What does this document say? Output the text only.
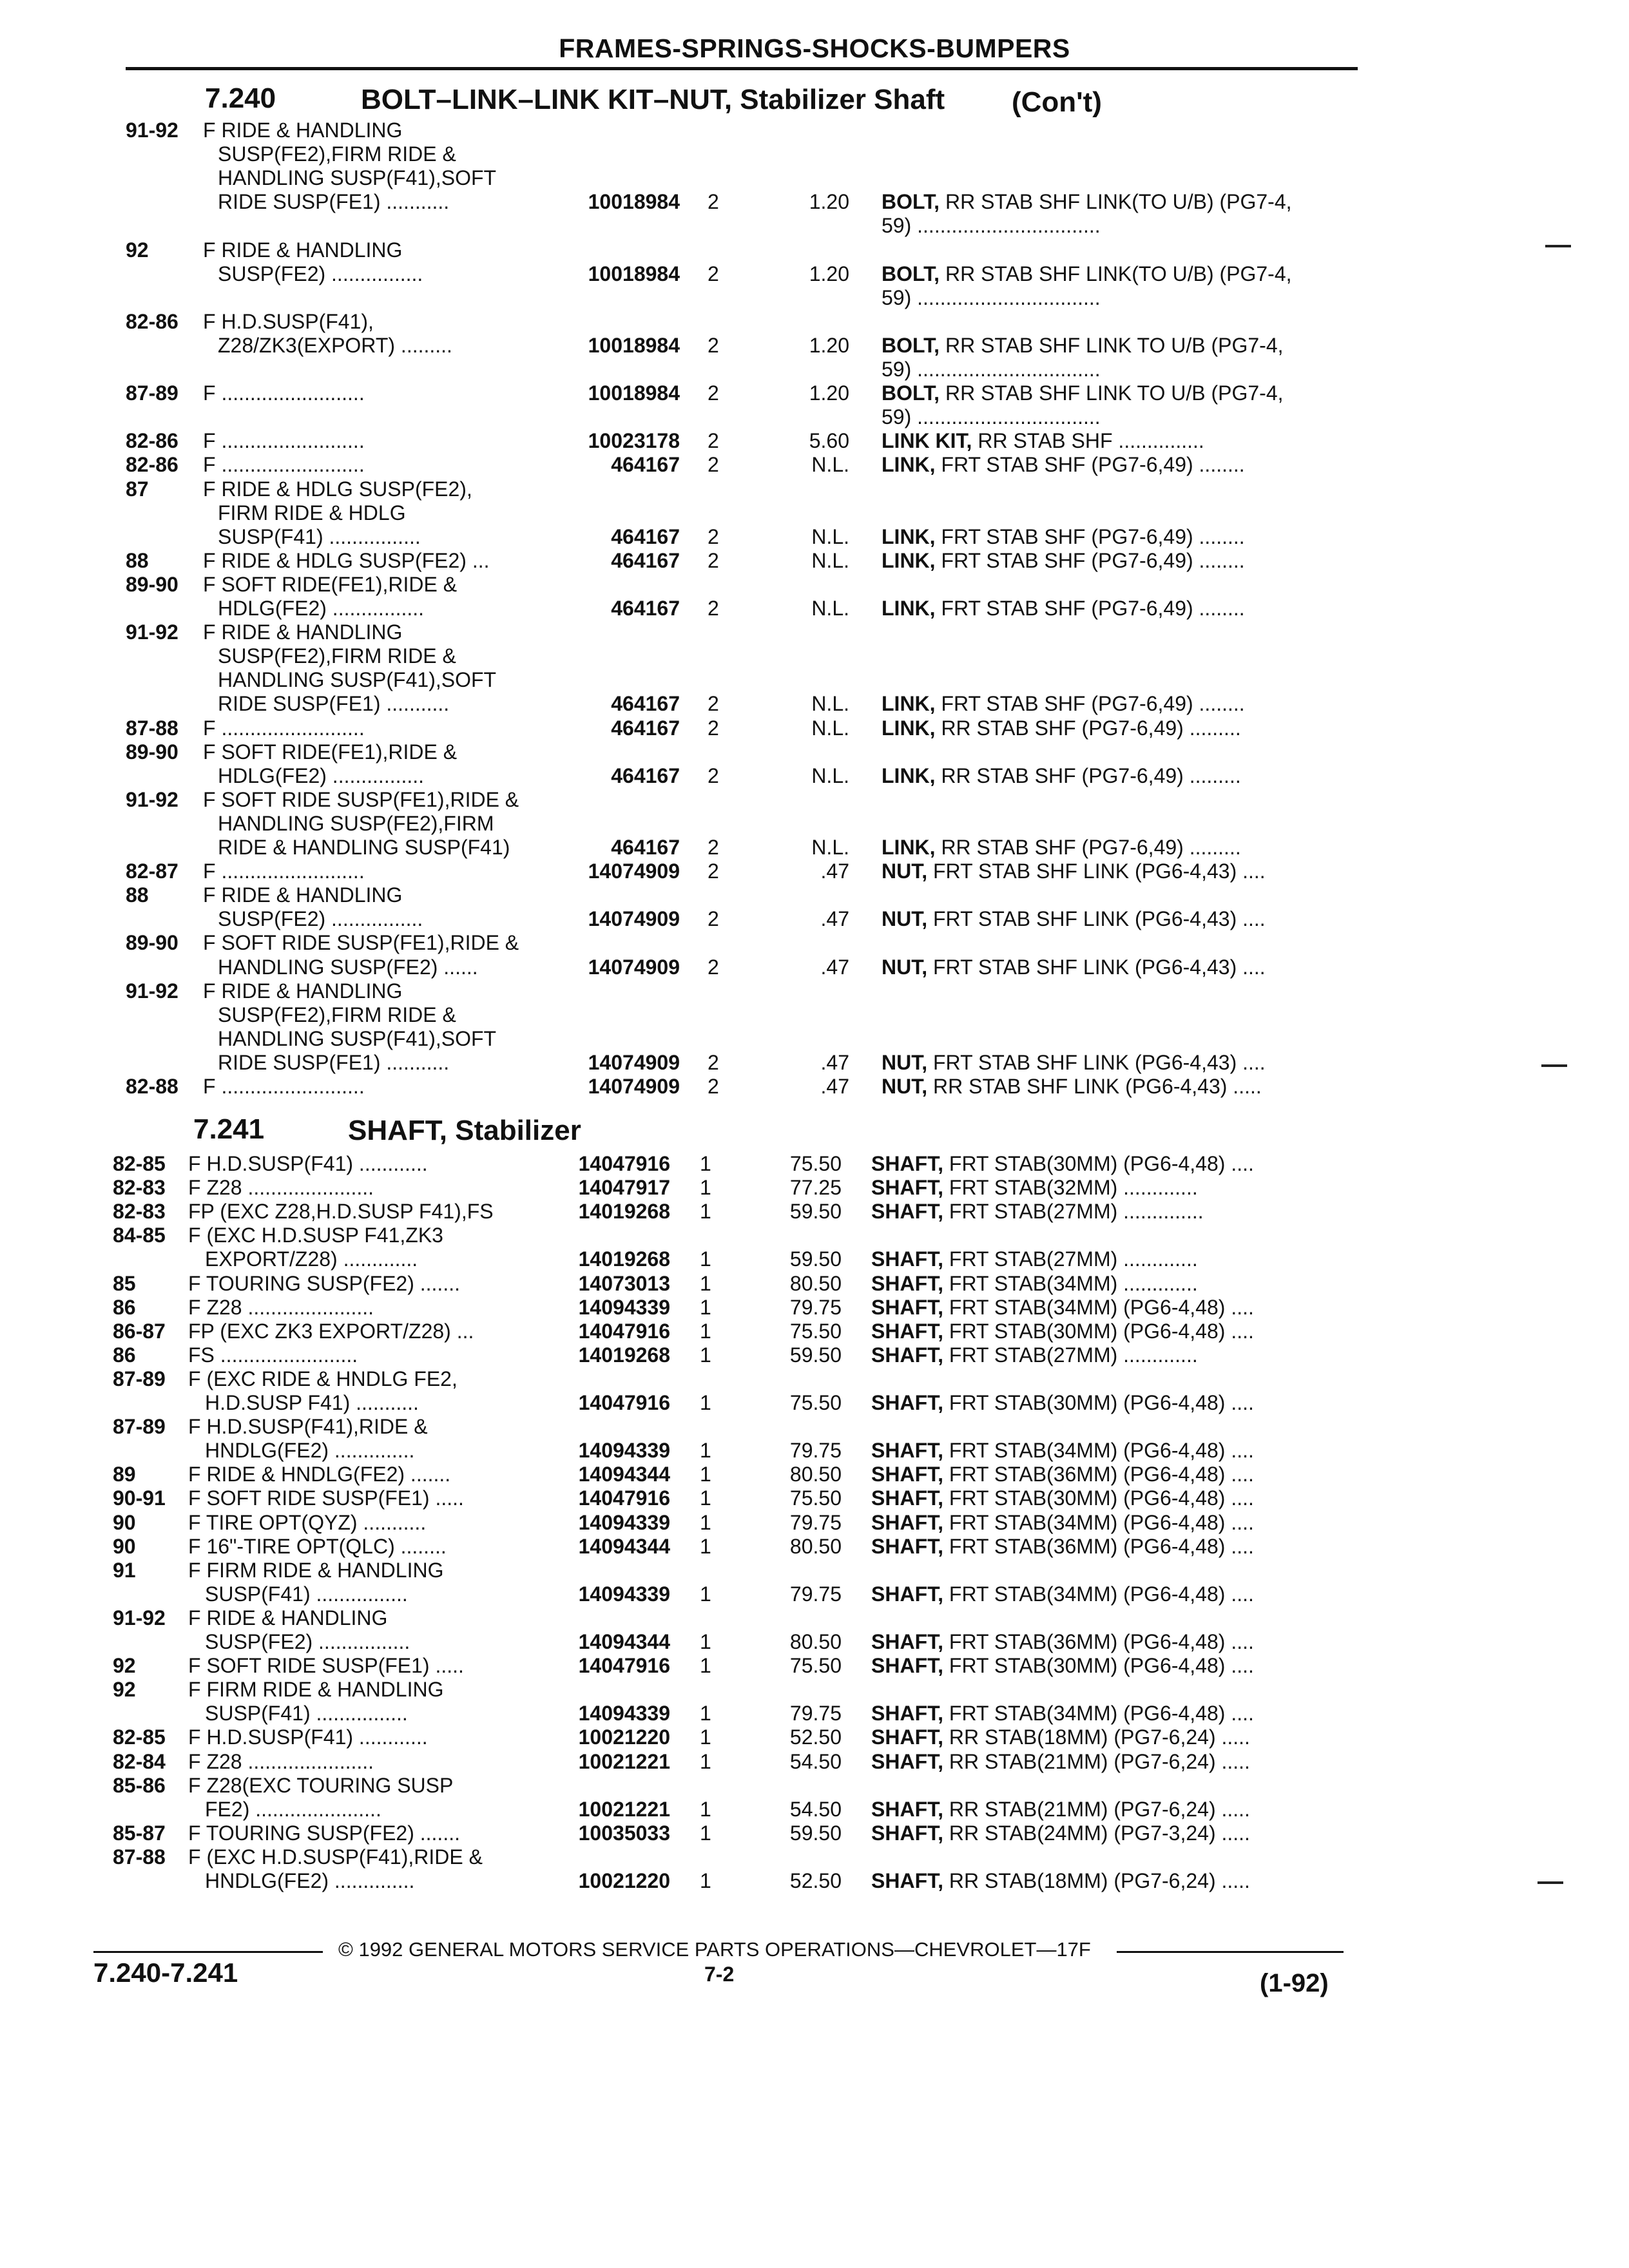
FRAMES-SPRINGS-SHOCKS-BUMPERS
7.240	BOLT–LINK–LINK KIT–NUT, Stabilizer Shaft (Con't)
91-92 F RIDE & HANDLING
SUSP(FE2),FIRM RIDE &
HANDLING SUSP(F41),SOFT
RIDE SUSP(FE1) ...........	10018984 2	1.20 BOLT, RR STAB SHF LINK(TO U/B) (PG7-4,
59) ................................
92	F RIDE & HANDLING
SUSP(FE2) ................	10018984 2	1.20 BOLT, RR STAB SHF LINK(TO U/B) (PG7-4,
59) ................................
82-86 F H.D.SUSP(F41),
Z28/ZK3(EXPORT) .........	10018984 2	1.20 BOLT, RR STAB SHF LINK TO U/B (PG7-4,
59) ................................
87-89 F .........................	10018984 2	1.20 BOLT, RR STAB SHF LINK TO U/B (PG7-4,
59) ................................
82-86 F .........................	10023178 2	5.60 LINK KIT, RR STAB SHF ...............
82-86 F .........................	464167 2	N.L. LINK, FRT STAB SHF (PG7-6,49) ........
87	F RIDE & HDLG SUSP(FE2),
FIRM RIDE & HDLG
SUSP(F41) ................	464167 2	N.L. LINK, FRT STAB SHF (PG7-6,49) ........
88	F RIDE & HDLG SUSP(FE2) ...	464167 2	N.L. LINK, FRT STAB SHF (PG7-6,49) ........
89-90 F SOFT RIDE(FE1),RIDE &
HDLG(FE2) ................	464167 2	N.L. LINK, FRT STAB SHF (PG7-6,49) ........
91-92 F RIDE & HANDLING
SUSP(FE2),FIRM RIDE &
HANDLING SUSP(F41),SOFT
RIDE SUSP(FE1) ...........	464167 2	N.L. LINK, FRT STAB SHF (PG7-6,49) ........
87-88 F .........................	464167 2	N.L. LINK, RR STAB SHF (PG7-6,49) .........
89-90 F SOFT RIDE(FE1),RIDE &
HDLG(FE2) ................	464167 2	N.L. LINK, RR STAB SHF (PG7-6,49) .........
91-92 F SOFT RIDE SUSP(FE1),RIDE &
HANDLING SUSP(FE2),FIRM
RIDE & HANDLING SUSP(F41)	464167 2	N.L. LINK, RR STAB SHF (PG7-6,49) .........
82-87 F .........................	14074909 2	.47 NUT, FRT STAB SHF LINK (PG6-4,43) ....
88	F RIDE & HANDLING
SUSP(FE2) ................	14074909 2	.47 NUT, FRT STAB SHF LINK (PG6-4,43) ....
89-90 F SOFT RIDE SUSP(FE1),RIDE &
HANDLING SUSP(FE2) ......	14074909 2	.47 NUT, FRT STAB SHF LINK (PG6-4,43) ....
91-92 F RIDE & HANDLING
SUSP(FE2),FIRM RIDE &
HANDLING SUSP(F41),SOFT
RIDE SUSP(FE1) ...........	14074909 2	.47 NUT, FRT STAB SHF LINK (PG6-4,43) ....
82-88 F .........................	14074909 2	.47 NUT, RR STAB SHF LINK (PG6-4,43) .....
7.241	SHAFT, Stabilizer
82-85 F H.D.SUSP(F41) ............	14047916 1	75.50 SHAFT, FRT STAB(30MM) (PG6-4,48) ....
82-83 F Z28 ......................	14047917 1	77.25 SHAFT, FRT STAB(32MM) .............
82-83 FP (EXC Z28,H.D.SUSP F41),FS	14019268 1	59.50 SHAFT, FRT STAB(27MM) ..............
84-85 F (EXC H.D.SUSP F41,ZK3
EXPORT/Z28) .............	14019268 1	59.50 SHAFT, FRT STAB(27MM) .............
85	F TOURING SUSP(FE2) .......	14073013 1	80.50 SHAFT, FRT STAB(34MM) .............
86	F Z28 ......................	14094339 1	79.75 SHAFT, FRT STAB(34MM) (PG6-4,48) ....
86-87 FP (EXC ZK3 EXPORT/Z28) ...	14047916 1	75.50 SHAFT, FRT STAB(30MM) (PG6-4,48) ....
86	FS ........................	14019268 1	59.50 SHAFT, FRT STAB(27MM) .............
87-89 F (EXC RIDE & HNDLG FE2,
H.D.SUSP F41) ...........	14047916 1	75.50 SHAFT, FRT STAB(30MM) (PG6-4,48) ....
87-89 F H.D.SUSP(F41),RIDE &
HNDLG(FE2) ..............	14094339 1	79.75 SHAFT, FRT STAB(34MM) (PG6-4,48) ....
89	F RIDE & HNDLG(FE2) .......	14094344 1	80.50 SHAFT, FRT STAB(36MM) (PG6-4,48) ....
90-91 F SOFT RIDE SUSP(FE1) .....	14047916 1	75.50 SHAFT, FRT STAB(30MM) (PG6-4,48) ....
90	F TIRE OPT(QYZ) ...........	14094339 1	79.75 SHAFT, FRT STAB(34MM) (PG6-4,48) ....
90	F 16"-TIRE OPT(QLC) ........	14094344 1	80.50 SHAFT, FRT STAB(36MM) (PG6-4,48) ....
91	F FIRM RIDE & HANDLING
SUSP(F41) ................	14094339 1	79.75 SHAFT, FRT STAB(34MM) (PG6-4,48) ....
91-92 F RIDE & HANDLING
SUSP(FE2) ................	14094344 1	80.50 SHAFT, FRT STAB(36MM) (PG6-4,48) ....
92	F SOFT RIDE SUSP(FE1) .....	14047916 1	75.50 SHAFT, FRT STAB(30MM) (PG6-4,48) ....
92	F FIRM RIDE & HANDLING
SUSP(F41) ................	14094339 1	79.75 SHAFT, FRT STAB(34MM) (PG6-4,48) ....
82-85 F H.D.SUSP(F41) ............	10021220 1	52.50 SHAFT, RR STAB(18MM) (PG7-6,24) .....
82-84 F Z28 ......................	10021221 1	54.50 SHAFT, RR STAB(21MM) (PG7-6,24) .....
85-86 F Z28(EXC TOURING SUSP
FE2) ......................	10021221 1	54.50 SHAFT, RR STAB(21MM) (PG7-6,24) .....
85-87 F TOURING SUSP(FE2) .......	10035033 1	59.50 SHAFT, RR STAB(24MM) (PG7-3,24) .....
87-88 F (EXC H.D.SUSP(F41),RIDE &
HNDLG(FE2) ..............	10021220 1	52.50 SHAFT, RR STAB(18MM) (PG7-6,24) .....
© 1992 GENERAL MOTORS SERVICE PARTS OPERATIONS—CHEVROLET—17F
7.240-7.241	7-2	(1-92)
